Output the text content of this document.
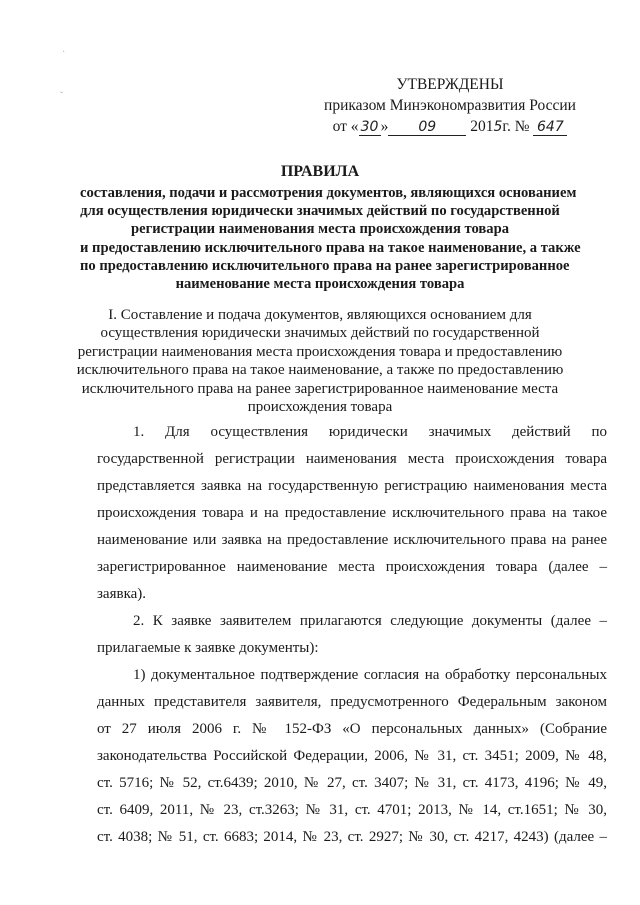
·
ˇ
УТВЕРЖДЕНЫ
приказом Минэкономразвития России
от « 30 » 09 2015г. № 647
ПРАВИЛА
составления, подачи и рассмотрения документов, являющихся основанием
для осуществления юридически значимых действий по государственной
регистрации наименования места происхождения товара
и предоставлению исключительного права на такое наименование, а также
по предоставлению исключительного права на ранее зарегистрированное
наименование места происхождения товара
I. Составление и подача документов, являющихся основанием для
осуществления юридически значимых действий по государственной
регистрации наименования места происхождения товара и предоставлению
исключительного права на такое наименование, а также по предоставлению
исключительного права на ранее зарегистрированное наименование места
происхождения товара
1. Для осуществления юридически значимых действий по
государственной регистрации наименования места происхождения товара
представляется заявка на государственную регистрацию наименования места
происхождения товара и на предоставление исключительного права на такое
наименование или заявка на предоставление исключительного права на ранее
зарегистрированное наименование места происхождения товара (далее –
заявка).
2. К заявке заявителем прилагаются следующие документы (далее –
прилагаемые к заявке документы):
1) документальное подтверждение согласия на обработку персональных
данных представителя заявителя, предусмотренного Федеральным законом
от 27 июля 2006 г. № 152-ФЗ «О персональных данных» (Собрание
законодательства Российской Федерации, 2006, № 31, ст. 3451; 2009, № 48,
ст. 5716; № 52, ст.6439; 2010, № 27, ст. 3407; № 31, ст. 4173, 4196; № 49,
ст. 6409, 2011, № 23, ст.3263; № 31, ст. 4701; 2013, № 14, ст.1651; № 30,
ст. 4038; № 51, ст. 6683; 2014, № 23, ст. 2927; № 30, ст. 4217, 4243) (далее –
